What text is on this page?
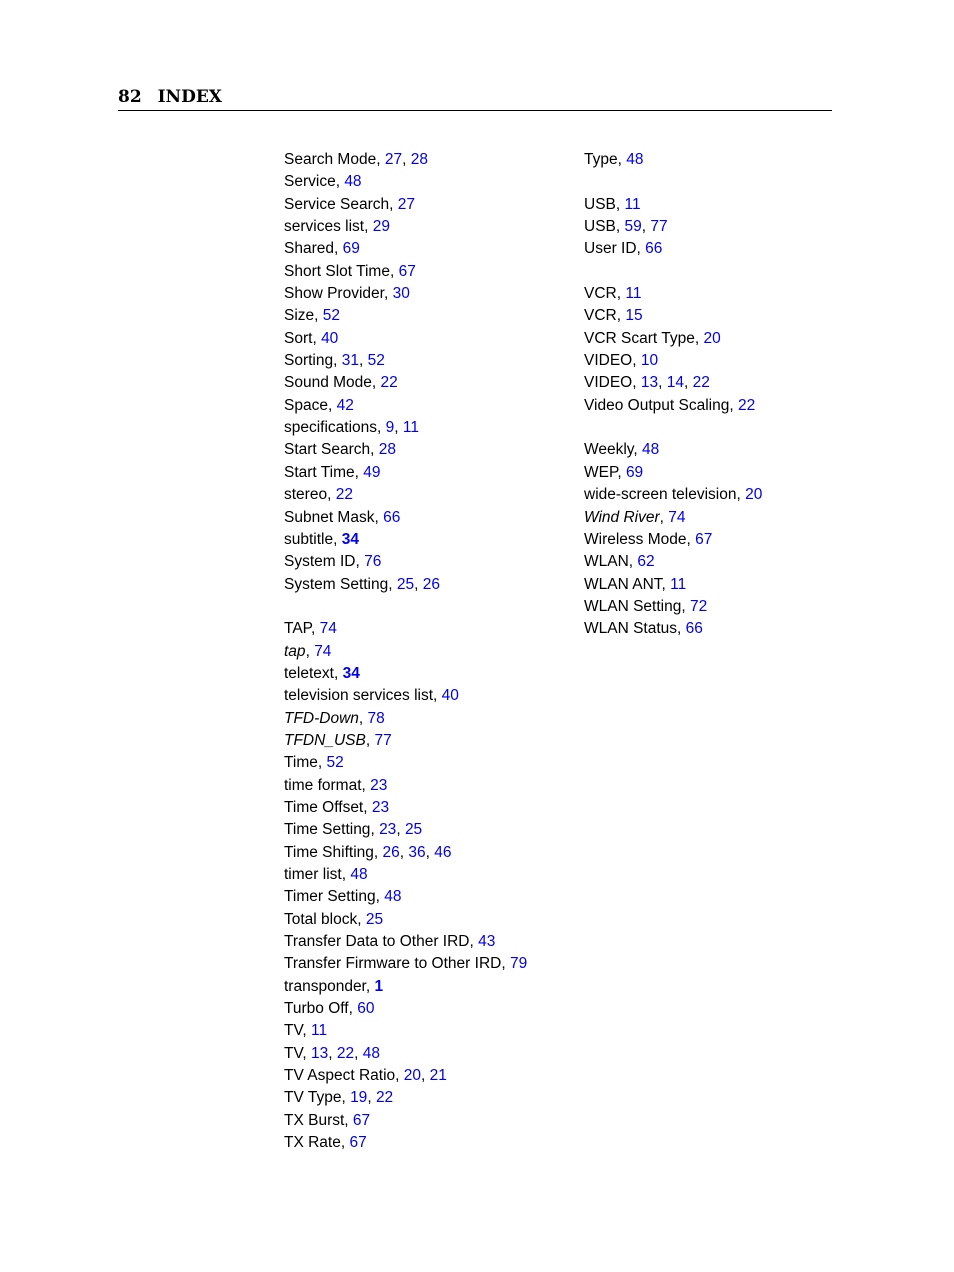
82 INDEX
Search Mode, 27, 28
Service, 48
Service Search, 27
services list, 29
Shared, 69
Short Slot Time, 67
Show Provider, 30
Size, 52
Sort, 40
Sorting, 31, 52
Sound Mode, 22
Space, 42
specifications, 9, 11
Start Search, 28
Start Time, 49
stereo, 22
Subnet Mask, 66
subtitle, 34
System ID, 76
System Setting, 25, 26
TAP, 74
tap, 74
teletext, 34
television services list, 40
TFD-Down, 78
TFDN_USB, 77
Time, 52
time format, 23
Time Offset, 23
Time Setting, 23, 25
Time Shifting, 26, 36, 46
timer list, 48
Timer Setting, 48
Total block, 25
Transfer Data to Other IRD, 43
Transfer Firmware to Other IRD, 79
transponder, 1
Turbo Off, 60
TV, 11
TV, 13, 22, 48
TV Aspect Ratio, 20, 21
TV Type, 19, 22
TX Burst, 67
TX Rate, 67
Type, 48
USB, 11
USB, 59, 77
User ID, 66
VCR, 11
VCR, 15
VCR Scart Type, 20
VIDEO, 10
VIDEO, 13, 14, 22
Video Output Scaling, 22
Weekly, 48
WEP, 69
wide-screen television, 20
Wind River, 74
Wireless Mode, 67
WLAN, 62
WLAN ANT, 11
WLAN Setting, 72
WLAN Status, 66
